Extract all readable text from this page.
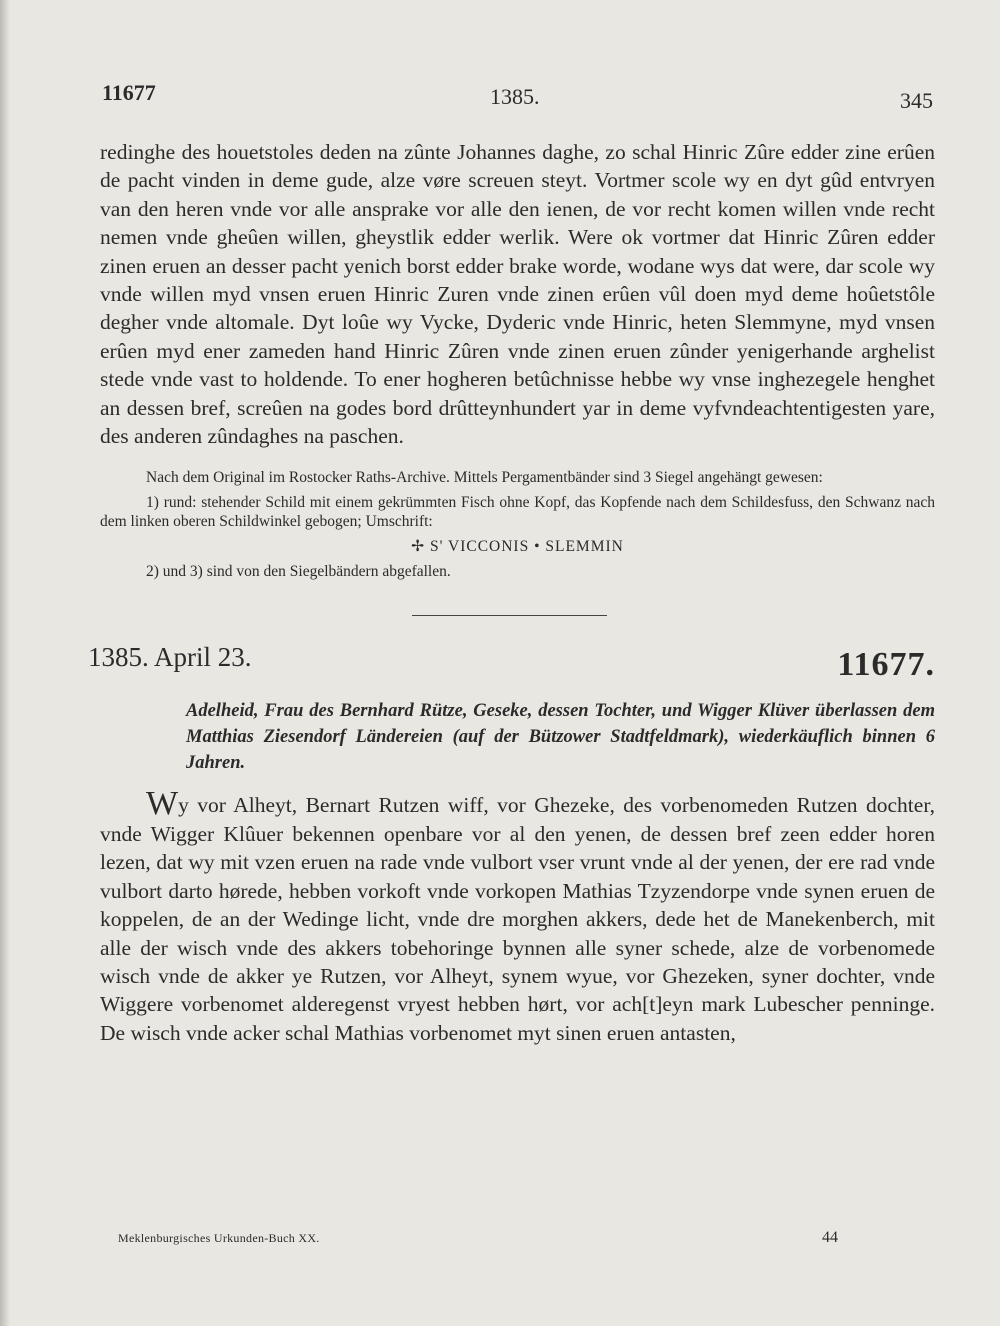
11677	1385.	345

redinghe des houetstoles deden na zûnte Johannes daghe, zo schal Hinric Zûre edder zine erûen de pacht vinden in deme gude, alze vøre screuen steyt. Vortmer scole wy en dyt gûd entvryen van den heren vnde vor alle ansprake vor alle den ienen, de vor recht komen willen vnde recht nemen vnde gheûen willen, gheystlik edder werlik. Were ok vortmer dat Hinric Zûren edder zinen eruen an desser pacht yenich borst edder brake worde, wodane wys dat were, dar scole wy vnde willen myd vnsen eruen Hinric Zuren vnde zinen erûen vûl doen myd deme hoûetstôle degher vnde altomale. Dyt loûe wy Vycke, Dyderic vnde Hinric, heten Slemmyne, myd vnsen erûen myd ener zameden hand Hinric Zûren vnde zinen eruen zûnder yenigerhande arghelist stede vnde vast to holdende. To ener hogheren betûchnisse hebbe wy vnse inghezegele henghet an dessen bref, screûen na godes bord drûtteynhundert yar in deme vyfvndeachtentigesten yare, des anderen zûndaghes na paschen.

Nach dem Original im Rostocker Raths-Archive. Mittels Pergamentbänder sind 3 Siegel angehängt gewesen:

1) rund: stehender Schild mit einem gekrümmten Fisch ohne Kopf, das Kopfende nach dem Schildesfuss, den Schwanz nach dem linken oberen Schildwinkel gebogen; Umschrift:

✢ S' VICCONIS • SLEMMIN

2) und 3) sind von den Siegelbändern abgefallen.

1385. April 23.	11677.
Adelheid, Frau des Bernhard Rütze, Geseke, dessen Tochter, und Wigger Klüver überlassen dem Matthias Ziesendorf Ländereien (auf der Bützower Stadtfeldmark), wiederkäuflich binnen 6 Jahren.

Wy vor Alheyt, Bernart Rutzen wiff, vor Ghezeke, des vorbenomeden Rutzen dochter, vnde Wigger Klûuer bekennen openbare vor al den yenen, de dessen bref zeen edder horen lezen, dat wy mit vzen eruen na rade vnde vulbort vser vrunt vnde al der yenen, der ere rad vnde vulbort darto hørede, hebben vorkoft vnde vorkopen Mathias Tzyzendorpe vnde synen eruen de koppelen, de an der Wedinge licht, vnde dre morghen akkers, dede het de Manekenberch, mit alle der wisch vnde des akkers tobehoringe bynnen alle syner schede, alze de vorbenomede wisch vnde de akker ye Rutzen, vor Alheyt, synem wyue, vor Ghezeken, syner dochter, vnde Wiggere vorbenomet alderegenst vryest hebben hørt, vor ach[t]eyn mark Lubescher penninge. De wisch vnde acker schal Mathias vorbenomet myt sinen eruen antasten,

Meklenburgisches Urkunden-Buch XX.	44
